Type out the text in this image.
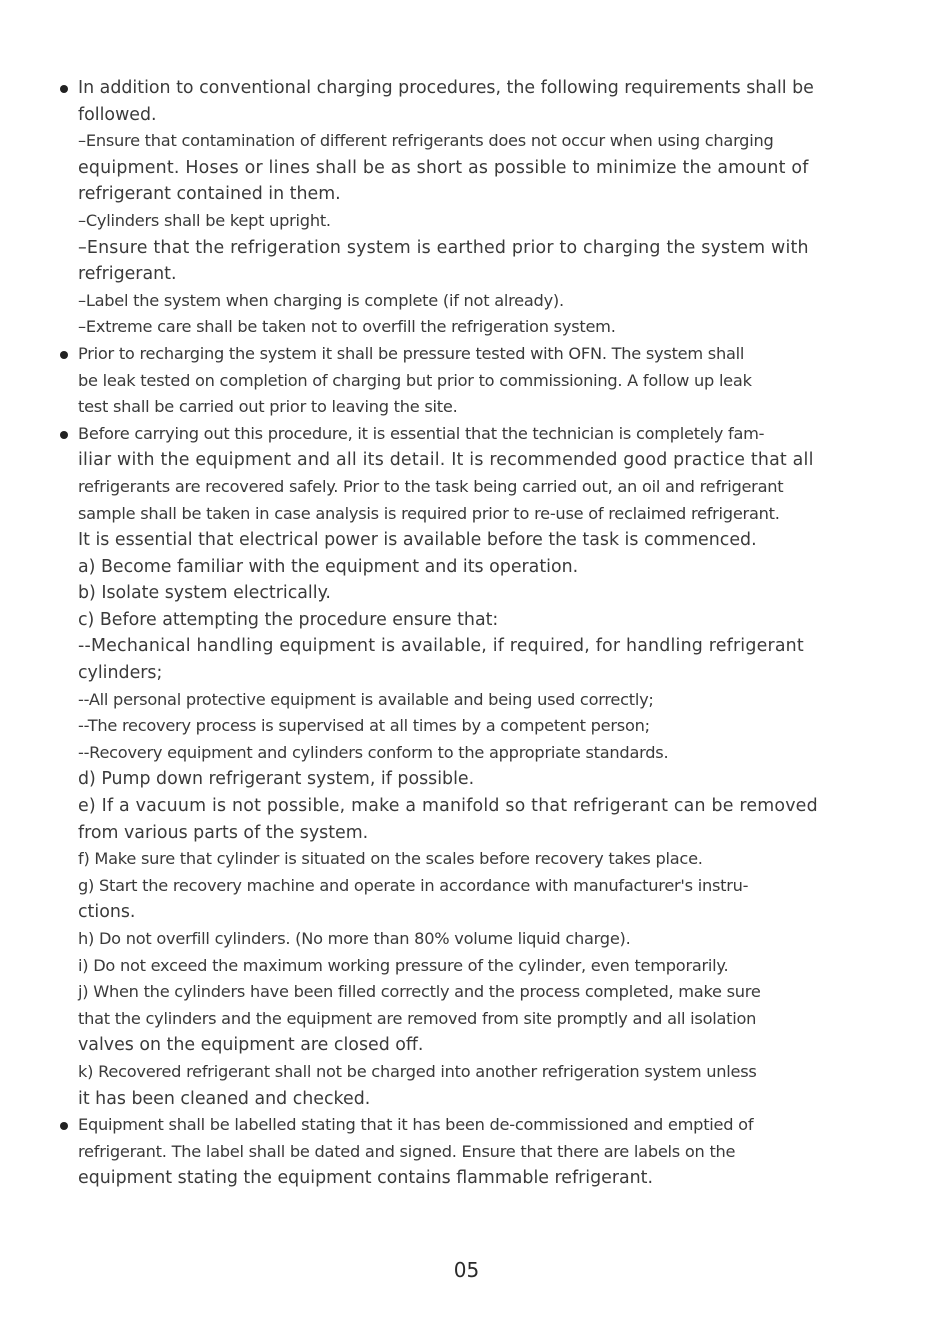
In addition to conventional charging procedures, the following requirements shall be
followed.
–Ensure that contamination of different refrigerants does not occur when using charging
equipment. Hoses or lines shall be as short as possible to minimize the amount of
refrigerant contained in them.
–Cylinders shall be kept upright.
–Ensure that the refrigeration system is earthed prior to charging the system with
refrigerant.
–Label the system when charging is complete (if not already).
–Extreme care shall be taken not to overfill the refrigeration system.
Prior to recharging the system it shall be pressure tested with OFN. The system shall
be leak tested on completion of charging but prior to commissioning. A follow up leak
test shall be carried out prior to leaving the site.
Before carrying out this procedure, it is essential that the technician is completely fam-
iliar with the equipment and all its detail. It is recommended good practice that all
refrigerants are recovered safely. Prior to the task being carried out, an oil and refrigerant
sample shall be taken in case analysis is required prior to re-use of reclaimed refrigerant.
It is essential that electrical power is available before the task is commenced.
a) Become familiar with the equipment and its operation.
b) Isolate system electrically.
c) Before attempting the procedure ensure that:
--Mechanical handling equipment is available, if required, for handling refrigerant
cylinders;
--All personal protective equipment is available and being used correctly;
--The recovery process is supervised at all times by a competent person;
--Recovery equipment and cylinders conform to the appropriate standards.
d) Pump down refrigerant system, if possible.
e) If a vacuum is not possible, make a manifold so that refrigerant can be removed
from various parts of the system.
f) Make sure that cylinder is situated on the scales before recovery takes place.
g) Start the recovery machine and operate in accordance with manufacturer's instru-
ctions.
h) Do not overfill cylinders. (No more than 80% volume liquid charge).
i) Do not exceed the maximum working pressure of the cylinder, even temporarily.
j) When the cylinders have been filled correctly and the process completed, make sure
that the cylinders and the equipment are removed from site promptly and all isolation
valves on the equipment are closed off.
k) Recovered refrigerant shall not be charged into another refrigeration system unless
it has been cleaned and checked.
Equipment shall be labelled stating that it has been de-commissioned and emptied of
refrigerant. The label shall be dated and signed. Ensure that there are labels on the
equipment stating the equipment contains flammable refrigerant.
05
